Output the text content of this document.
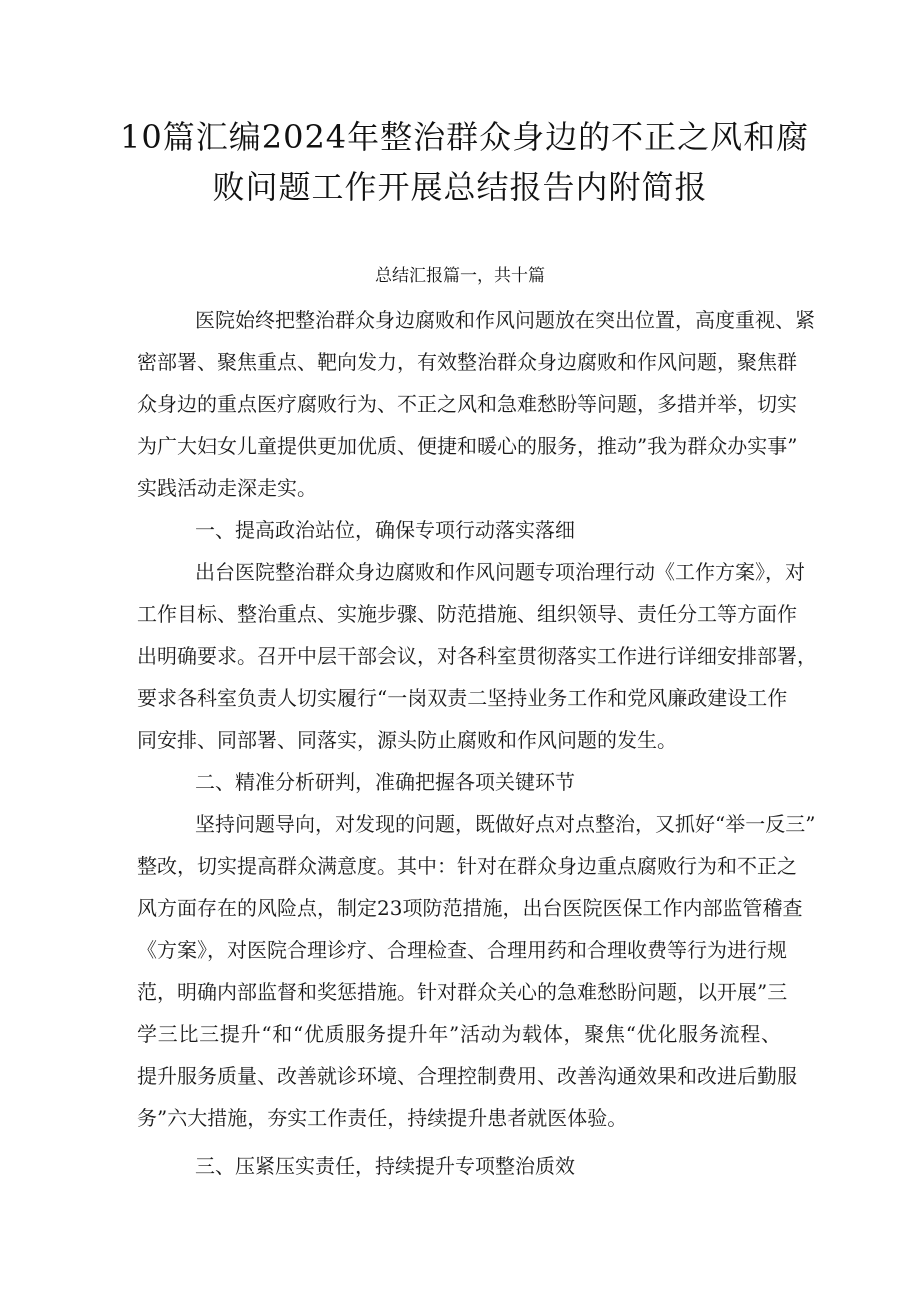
10篇汇编2024年整治群众身边的不正之风和腐
败问题工作开展总结报告内附简报
总结汇报篇一，共十篇
医院始终把整治群众身边腐败和作风问题放在突出位置，高度重视、紧
密部署、聚焦重点、靶向发力，有效整治群众身边腐败和作风问题，聚焦群
众身边的重点医疗腐败行为、不正之风和急难愁盼等问题，多措并举，切实
为广大妇女儿童提供更加优质、便捷和暖心的服务，推动”我为群众办实事”
实践活动走深走实。
一、提高政治站位，确保专项行动落实落细
出台医院整治群众身边腐败和作风问题专项治理行动《工作方案》，对
工作目标、整治重点、实施步骤、防范措施、组织领导、责任分工等方面作
出明确要求。召开中层干部会议，对各科室贯彻落实工作进行详细安排部署，
要求各科室负责人切实履行“一岗双责二坚持业务工作和党风廉政建设工作
同安排、同部署、同落实，源头防止腐败和作风问题的发生。
二、精准分析研判，准确把握各项关键环节
坚持问题导向，对发现的问题，既做好点对点整治，又抓好“举一反三”
整改，切实提高群众满意度。其中：针对在群众身边重点腐败行为和不正之
风方面存在的风险点，制定23项防范措施，出台医院医保工作内部监管稽查
《方案》，对医院合理诊疗、合理检查、合理用药和合理收费等行为进行规
范，明确内部监督和奖惩措施。针对群众关心的急难愁盼问题，以开展”三
学三比三提升“和“优质服务提升年”活动为载体，聚焦“优化服务流程、
提升服务质量、改善就诊环境、合理控制费用、改善沟通效果和改进后勤服
务”六大措施，夯实工作责任，持续提升患者就医体验。
三、压紧压实责任，持续提升专项整治质效
